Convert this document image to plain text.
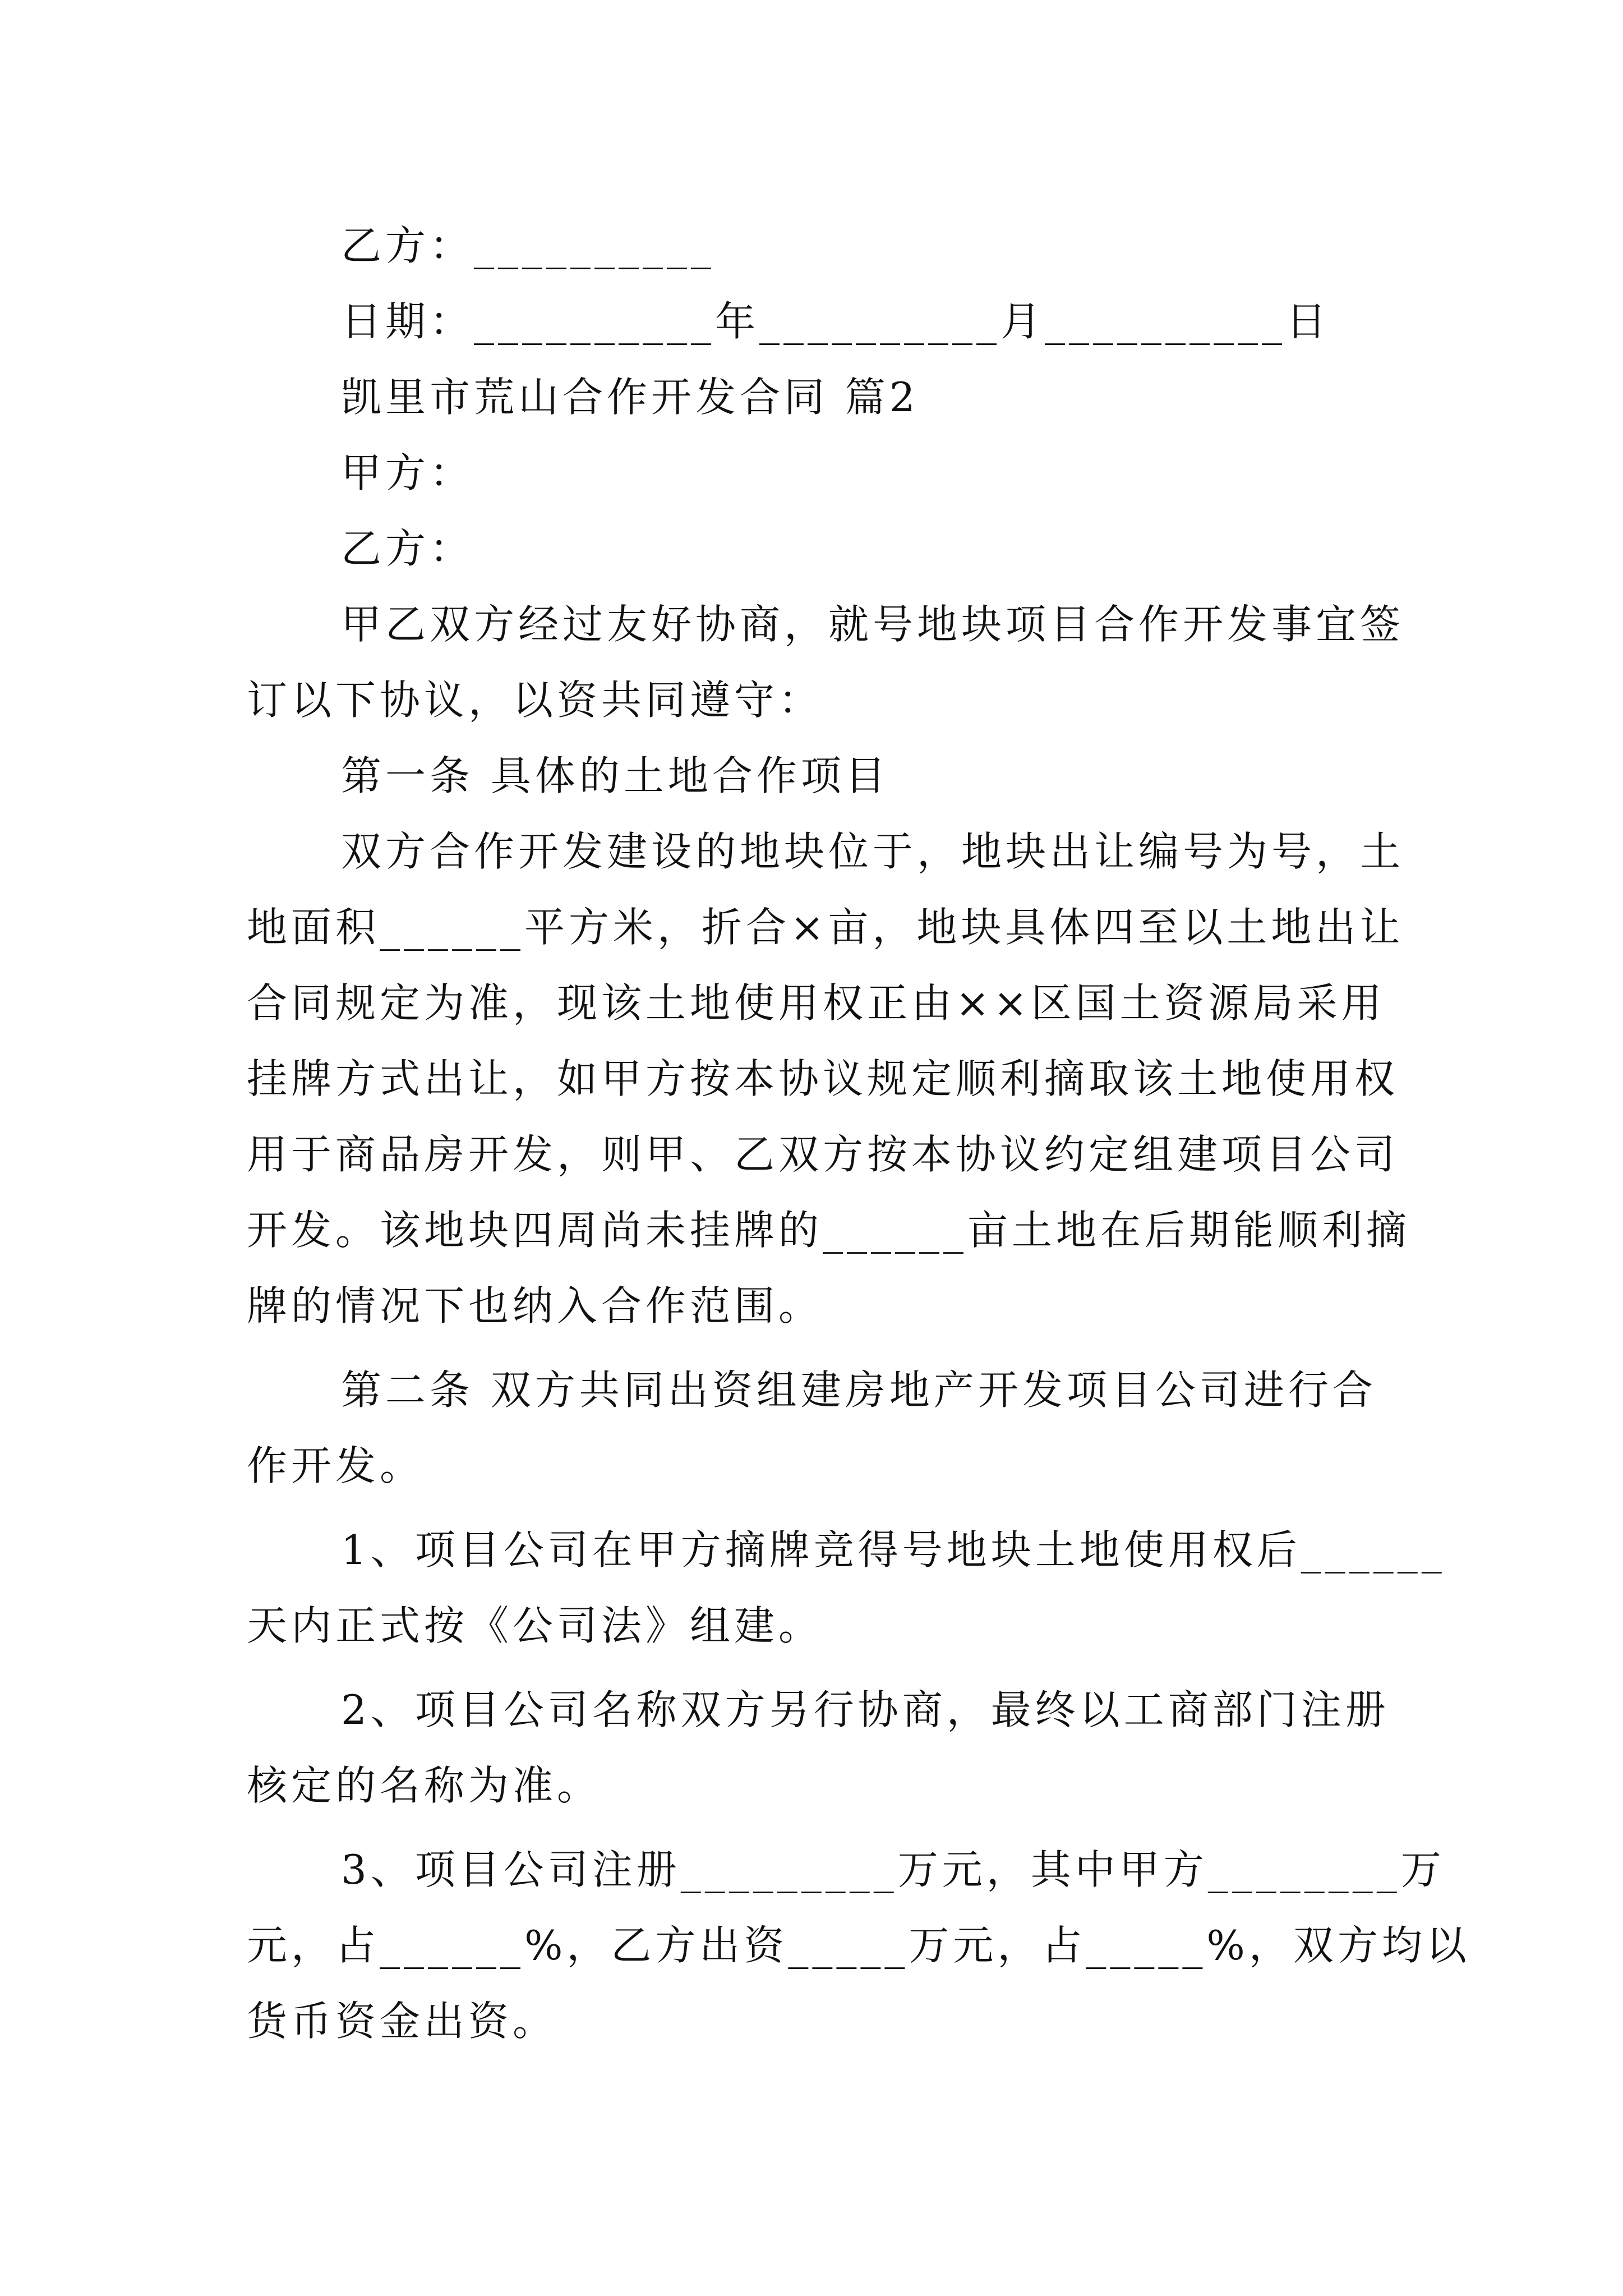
乙方：__________
日期：__________年__________月__________日
凯里市荒山合作开发合同 篇2
甲方：
乙方：
甲乙双方经过友好协商，就号地块项目合作开发事宜签
订以下协议，以资共同遵守：
第一条 具体的土地合作项目
双方合作开发建设的地块位于，地块出让编号为号，土
地面积______平方米，折合×亩，地块具体四至以土地出让
合同规定为准，现该土地使用权正由××区国土资源局采用
挂牌方式出让，如甲方按本协议规定顺利摘取该土地使用权
用于商品房开发，则甲、乙双方按本协议约定组建项目公司
开发。该地块四周尚未挂牌的______亩土地在后期能顺利摘
牌的情况下也纳入合作范围。
第二条 双方共同出资组建房地产开发项目公司进行合
作开发。
1、项目公司在甲方摘牌竞得号地块土地使用权后______
天内正式按《公司法》组建。
2、项目公司名称双方另行协商，最终以工商部门注册
核定的名称为准。
3、项目公司注册_________万元，其中甲方________万
元，占______%，乙方出资_____万元，占_____%，双方均以
货币资金出资。
